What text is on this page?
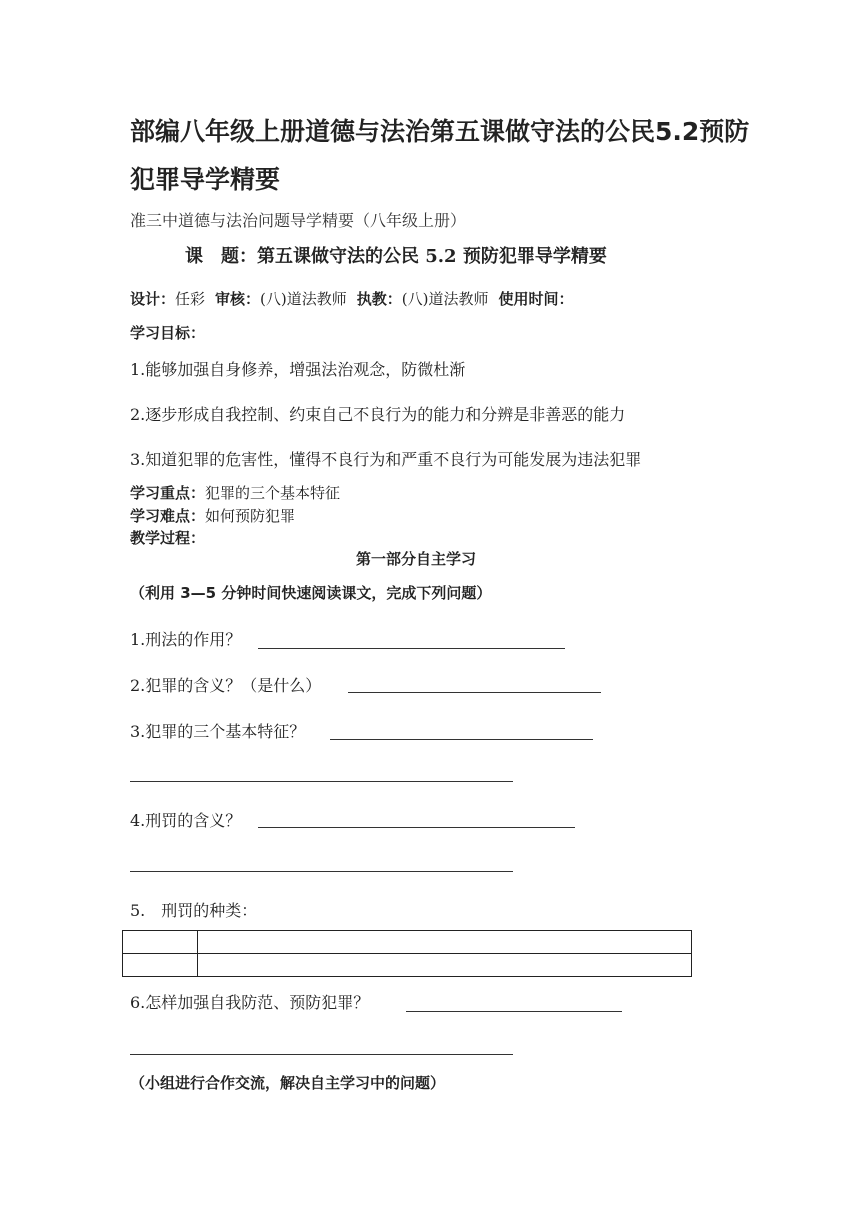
部编八年级上册道德与法治第五课做守法的公民5.2预防犯罪导学精要
准三中道德与法治问题导学精要（八年级上册）
课　题：第五课做守法的公民 5.2 预防犯罪导学精要
设计：任彩 审核：(八)道法教师 执教：(八)道法教师 使用时间：
学习目标：
1.能够加强自身修养，增强法治观念，防微杜渐
2.逐步形成自我控制、约束自己不良行为的能力和分辨是非善恶的能力
3.知道犯罪的危害性，懂得不良行为和严重不良行为可能发展为违法犯罪
学习重点：犯罪的三个基本特征
学习难点：如何预防犯罪
教学过程：
第一部分自主学习
（利用 3—5 分钟时间快速阅读课文，完成下列问题）
1.刑法的作用？
2.犯罪的含义？（是什么）
3.犯罪的三个基本特征？
4.刑罚的含义？
5.　刑罚的种类：

6.怎样加强自我防范、预防犯罪？
（小组进行合作交流，解决自主学习中的问题）
